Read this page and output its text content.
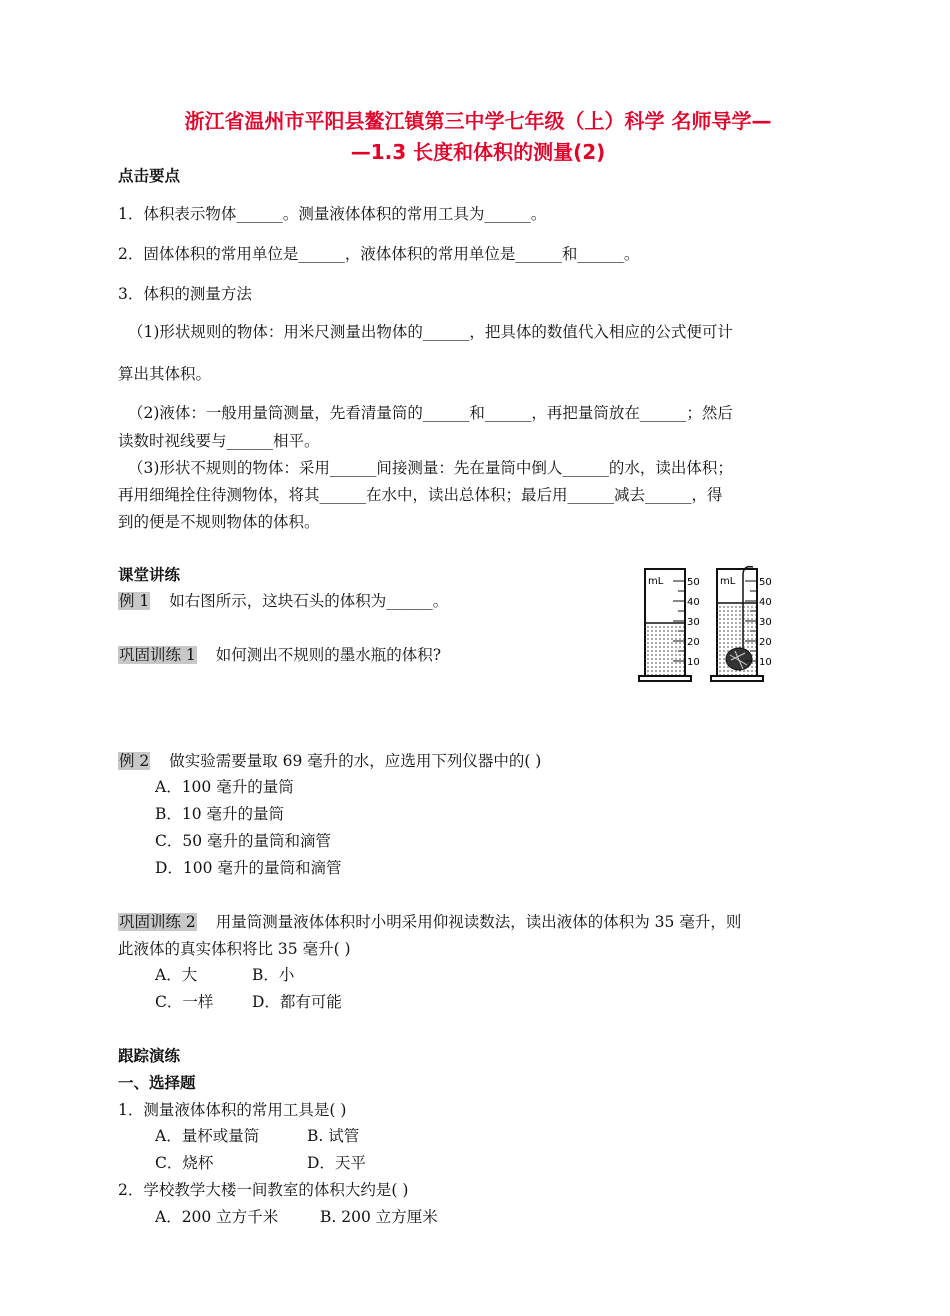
浙江省温州市平阳县鳌江镇第三中学七年级（上）科学 名师导学—
—1.3 长度和体积的测量(2)
点击要点
1．体积表示物体______。测量液体体积的常用工具为______。
2．固体体积的常用单位是______，液体体积的常用单位是______和______。
3．体积的测量方法
（1)形状规则的物体：用米尺测量出物体的______，把具体的数值代入相应的公式便可计
算出其体积。
（2)液体：一般用量筒测量，先看清量筒的______和______，再把量筒放在______；然后
读数时视线要与______相平。
（3)形状不规则的物体：采用______间接测量：先在量筒中倒人______的水，读出体积；
再用细绳拴住待测物体，将其______在水中，读出总体积；最后用______减去______，得
到的便是不规则物体的体积。
课堂讲练
例 1 如右图所示，这块石头的体积为______。
巩固训练 1 如何测出不规则的墨水瓶的体积?
mL 50
40
30
20
10
mL 50
40
30
20
10
例 2 做实验需要量取 69 毫升的水，应选用下列仪器中的( )
A．100 毫升的量筒
B．10 毫升的量筒
C．50 毫升的量筒和滴管
D．100 毫升的量筒和滴管
巩固训练 2 用量筒测量液体体积时小明采用仰视读数法，读出液体的体积为 35 毫升，则
此液体的真实体积将比 35 毫升( )
A．大	B．小
C．一样 D．都有可能
跟踪演练
一、选择题
1．测量液体体积的常用工具是( )
A．量杯或量筒	B. 试管
C．烧杯	D．天平
2．学校教学大楼一间教室的体积大约是( )
A．200 立方千米	B. 200 立方厘米
